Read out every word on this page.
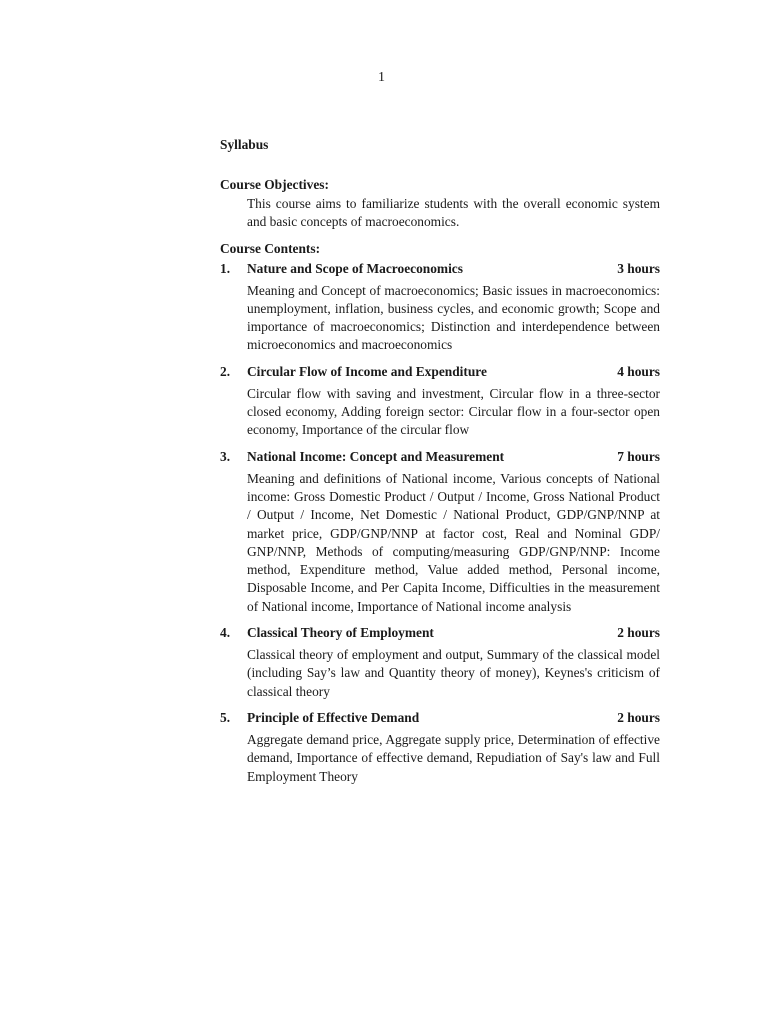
1
Syllabus
Course Objectives:
This course aims to familiarize students with the overall economic system and basic concepts of macroeconomics.
Course Contents:
1.	Nature and Scope of Macroeconomics	3 hours
Meaning and Concept of macroeconomics; Basic issues in macroeconomics: unemployment, inflation, business cycles, and economic growth; Scope and importance of macroeconomics; Distinction and interdependence between microeconomics and macroeconomics
2.	Circular Flow of Income and Expenditure	4 hours
Circular flow with saving and investment, Circular flow in a three-sector closed economy, Adding foreign sector: Circular flow in a four-sector open economy, Importance of the circular flow
3.	National Income: Concept and Measurement	7 hours
Meaning and definitions of National income, Various concepts of National income: Gross Domestic Product / Output / Income, Gross National Product / Output / Income, Net Domestic / National Product, GDP/GNP/NNP at market price, GDP/GNP/NNP at factor cost, Real and Nominal GDP/ GNP/NNP, Methods of computing/measuring GDP/GNP/NNP: Income method, Expenditure method, Value added method, Personal income, Disposable Income, and Per Capita Income, Difficulties in the measurement of National income, Importance of National income analysis
4.	Classical Theory of Employment	2 hours
Classical theory of employment and output, Summary of the classical model (including Say’s law and Quantity theory of money), Keynes's criticism of classical theory
5.	Principle of Effective Demand	2 hours
Aggregate demand price, Aggregate supply price, Determination of effective demand, Importance of effective demand, Repudiation of Say's law and Full Employment Theory
